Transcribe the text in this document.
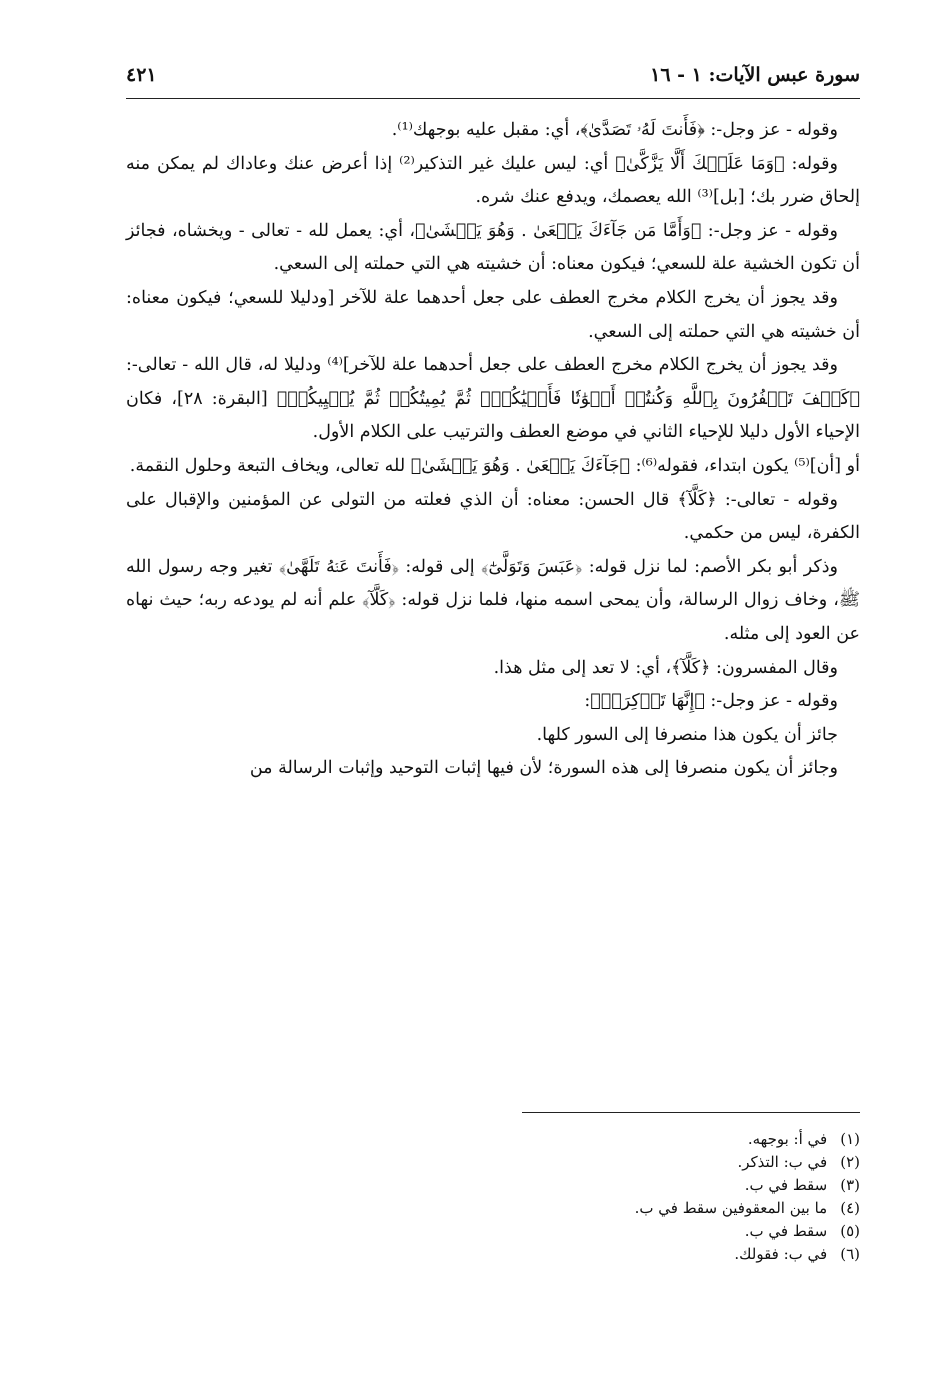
سورة عبس الآيات: ١ - ١٦
٤٢١

وقوله - عز وجل-: ﴿فَأَنتَ لَهُۥ تَصَدَّىٰ﴾، أي: مقبل عليه بوجهك⁽¹⁾.

وقوله: ﴿وَمَا عَلَيۡكَ أَلَّا يَزَّكَّىٰ﴾ أي: ليس عليك غير التذكير⁽²⁾ إذا أعرض عنك وعاداك لم يمكن منه إلحاق ضرر بك؛ [بل]⁽³⁾ الله يعصمك، ويدفع عنك شره.

وقوله - عز وجل-: ﴿وَأَمَّا مَن جَآءَكَ يَسۡعَىٰ . وَهُوَ يَخۡشَىٰ﴾، أي: يعمل لله - تعالى - ويخشاه، فجائز أن تكون الخشية علة للسعي؛ فيكون معناه: أن خشيته هي التي حملته إلى السعي.

وقد يجوز أن يخرج الكلام مخرج العطف على جعل أحدهما علة للآخر [ودليلا للسعي؛ فيكون معناه: أن خشيته هي التي حملته إلى السعي.

وقد يجوز أن يخرج الكلام مخرج العطف على جعل أحدهما علة للآخر]⁽⁴⁾ ودليلا له، قال الله - تعالى-: ﴿كَيۡفَ تَكۡفُرُونَ بِٱللَّهِ وَكُنتُمۡ أَمۡوَٰتٗا فَأَحۡيَٰكُمۡۖ ثُمَّ يُمِيتُكُمۡ ثُمَّ يُحۡيِيكُمۡ﴾ [البقرة: ٢٨]، فكان الإحياء الأول دليلا للإحياء الثاني في موضع العطف والترتيب على الكلام الأول.

أو [أن]⁽⁵⁾ يكون ابتداء، فقوله⁽⁶⁾: ﴿جَآءَكَ يَسۡعَىٰ . وَهُوَ يَخۡشَىٰ﴾ لله تعالى، ويخاف التبعة وحلول النقمة.

وقوله - تعالى-: ﴿كَلَّآ﴾ قال الحسن: معناه: أن الذي فعلته من التولى عن المؤمنين والإقبال على الكفرة، ليس من حكمي.

وذكر أبو بكر الأصم: لما نزل قوله: ﴿عَبَسَ وَتَوَلَّىٰٓ﴾ إلى قوله: ﴿فَأَنتَ عَنۡهُ تَلَهَّىٰ﴾ تغير وجه رسول الله ﷺ، وخاف زوال الرسالة، وأن يمحى اسمه منها، فلما نزل قوله: ﴿كَلَّآ﴾ علم أنه لم يودعه ربه؛ حيث نهاه عن العود إلى مثله.

وقال المفسرون: ﴿كَلَّآ﴾، أي: لا تعد إلى مثل هذا.

وقوله - عز وجل-: ﴿إِنَّهَا تَذۡكِرَةٞ﴾:

جائز أن يكون هذا منصرفا إلى السور كلها.

وجائز أن يكون منصرفا إلى هذه السورة؛ لأن فيها إثبات التوحيد وإثبات الرسالة من

(١) في أ: بوجهه.
(٢) في ب: التذكر.
(٣) سقط في ب.
(٤) ما بين المعقوفين سقط في ب.
(٥) سقط في ب.
(٦) في ب: فقولك.
